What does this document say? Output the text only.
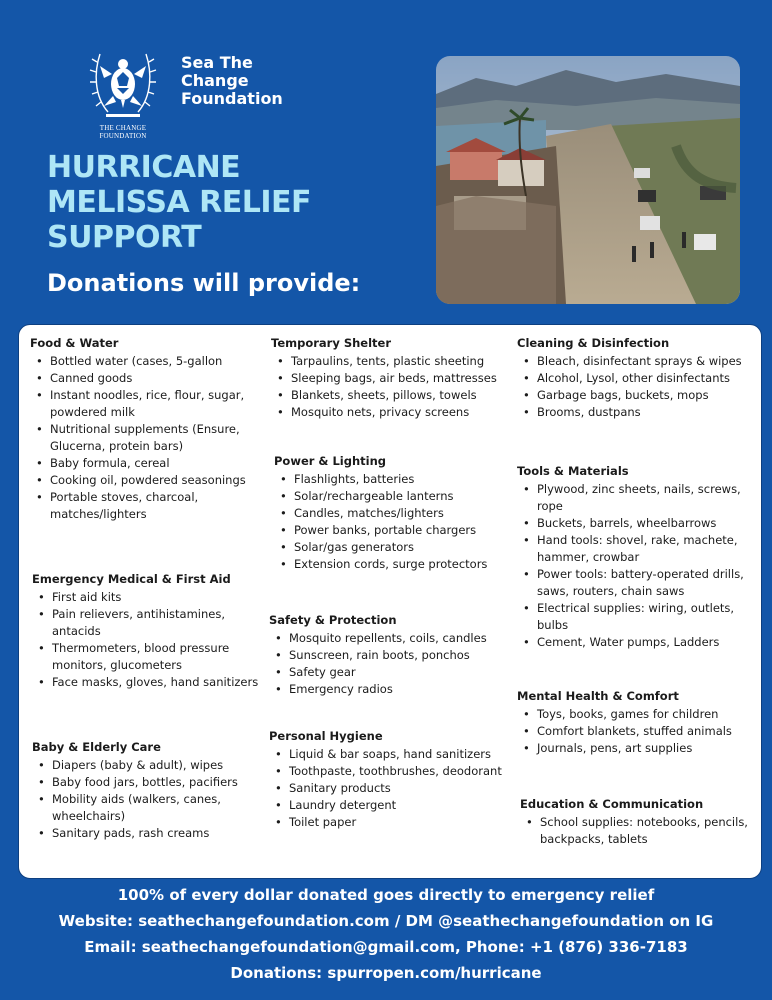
THE CHANGE
FOUNDATION
Sea The
Change
Foundation
HURRICANE
MELISSA RELIEF
SUPPORT
Donations will provide:
Food & Water
• Bottled water (cases, 5-gallon
• Canned goods
• Instant noodles, rice, flour, sugar, powdered milk
• Nutritional supplements (Ensure, Glucerna, protein bars)
• Baby formula, cereal
• Cooking oil, powdered seasonings
• Portable stoves, charcoal, matches/lighters
Emergency Medical & First Aid
• First aid kits
• Pain relievers, antihistamines, antacids
• Thermometers, blood pressure monitors, glucometers
• Face masks, gloves, hand sanitizers
Baby & Elderly Care
• Diapers (baby & adult), wipes
• Baby food jars, bottles, pacifiers
• Mobility aids (walkers, canes, wheelchairs)
• Sanitary pads, rash creams
Temporary Shelter
• Tarpaulins, tents, plastic sheeting
• Sleeping bags, air beds, mattresses
• Blankets, sheets, pillows, towels
• Mosquito nets, privacy screens
Power & Lighting
• Flashlights, batteries
• Solar/rechargeable lanterns
• Candles, matches/lighters
• Power banks, portable chargers
• Solar/gas generators
• Extension cords, surge protectors
Safety & Protection
• Mosquito repellents, coils, candles
• Sunscreen, rain boots, ponchos
• Safety gear
• Emergency radios
Personal Hygiene
• Liquid & bar soaps, hand sanitizers
• Toothpaste, toothbrushes, deodorant
• Sanitary products
• Laundry detergent
• Toilet paper
Cleaning & Disinfection
• Bleach, disinfectant sprays & wipes
• Alcohol, Lysol, other disinfectants
• Garbage bags, buckets, mops
• Brooms, dustpans
Tools & Materials
• Plywood, zinc sheets, nails, screws, rope
• Buckets, barrels, wheelbarrows
• Hand tools: shovel, rake, machete, hammer, crowbar
• Power tools: battery-operated drills, saws, routers, chain saws
• Electrical supplies: wiring, outlets, bulbs
• Cement, Water pumps, Ladders
Mental Health & Comfort
• Toys, books, games for children
• Comfort blankets, stuffed animals
• Journals, pens, art supplies
Education & Communication
• School supplies: notebooks, pencils, backpacks, tablets
100% of every dollar donated goes directly to emergency relief
Website: seathechangefoundation.com / DM @seathechangefoundation on IG
Email: seathechangefoundation@gmail.com, Phone: +1 (876) 336-7183
Donations: spurropen.com/hurricane
